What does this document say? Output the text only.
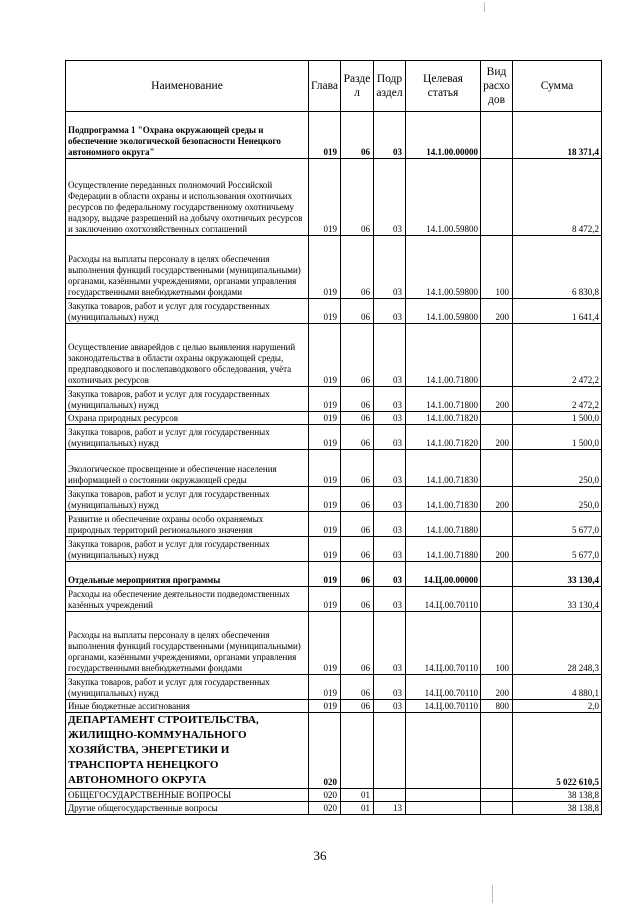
Наименование	Глава	Разде л	Подр аздел	Целевая статья	Вид расхо дов	Сумма
Подпрограмма 1 "Охрана окружающей среды и обеспечение экологической безопасности Ненецкого автономного округа"	019	06	03	14.1.00.00000		18 371,4
Осуществление переданных полномочий Российской Федерации в области охраны и использования охотничьих ресурсов по федеральному государственному охотничьему надзору, выдаче разрешений на добычу охотничьих ресурсов и заключению охотхозяйственных соглашений	019	06	03	14.1.00.59800		8 472,2
Расходы на выплаты персоналу в целях обеспечения выполнения функций государственными (муниципальными) органами, казёнными учреждениями, органами управления государственными внебюджетными фондами	019	06	03	14.1.00.59800	100	6 830,8
Закупка товаров, работ и услуг для государственных (муниципальных) нужд	019	06	03	14.1.00.59800	200	1 641,4
Осуществление авиарейдов с целью выявления нарушений законодательства в области охраны окружающей среды, предпаводкового и послепаводкового обследования, учёта охотничьих ресурсов	019	06	03	14.1.00.71800		2 472,2
Закупка товаров, работ и услуг для государственных (муниципальных) нужд	019	06	03	14.1.00.71800	200	2 472,2
Охрана природных ресурсов	019	06	03	14.1.00.71820		1 500,0
Закупка товаров, работ и услуг для государственных (муниципальных) нужд	019	06	03	14.1.00.71820	200	1 500,0
Экологическое просвещение и обеспечение населения информацией о состоянии окружающей среды	019	06	03	14.1.00.71830		250,0
Закупка товаров, работ и услуг для государственных (муниципальных) нужд	019	06	03	14.1.00.71830	200	250,0
Развитие и обеспечение охраны особо охраняемых природных территорий регионального значения	019	06	03	14.1.00.71880		5 677,0
Закупка товаров, работ и услуг для государственных (муниципальных) нужд	019	06	03	14.1.00.71880	200	5 677,0
Отдельные мероприятия программы	019	06	03	14.Ц.00.00000		33 130,4
Расходы на обеспечение деятельности подведомственных казённых учреждений	019	06	03	14.Ц.00.70110		33 130,4
Расходы на выплаты персоналу в целях обеспечения выполнения функций государственными (муниципальными) органами, казёнными учреждениями, органами управления государственными внебюджетными фондами	019	06	03	14.Ц.00.70110	100	28 248,3
Закупка товаров, работ и услуг для государственных (муниципальных) нужд	019	06	03	14.Ц.00.70110	200	4 880,1
Иные бюджетные ассигнования	019	06	03	14.Ц.00.70110	800	2,0
ДЕПАРТАМЕНТ СТРОИТЕЛЬСТВА, ЖИЛИЩНО-КОММУНАЛЬНОГО ХОЗЯЙСТВА, ЭНЕРГЕТИКИ И ТРАНСПОРТА НЕНЕЦКОГО АВТОНОМНОГО ОКРУГА	020					5 022 610,5
ОБЩЕГОСУДАРСТВЕННЫЕ ВОПРОСЫ	020	01				38 138,8
Другие общегосударственные вопросы	020	01	13			38 138,8
36
